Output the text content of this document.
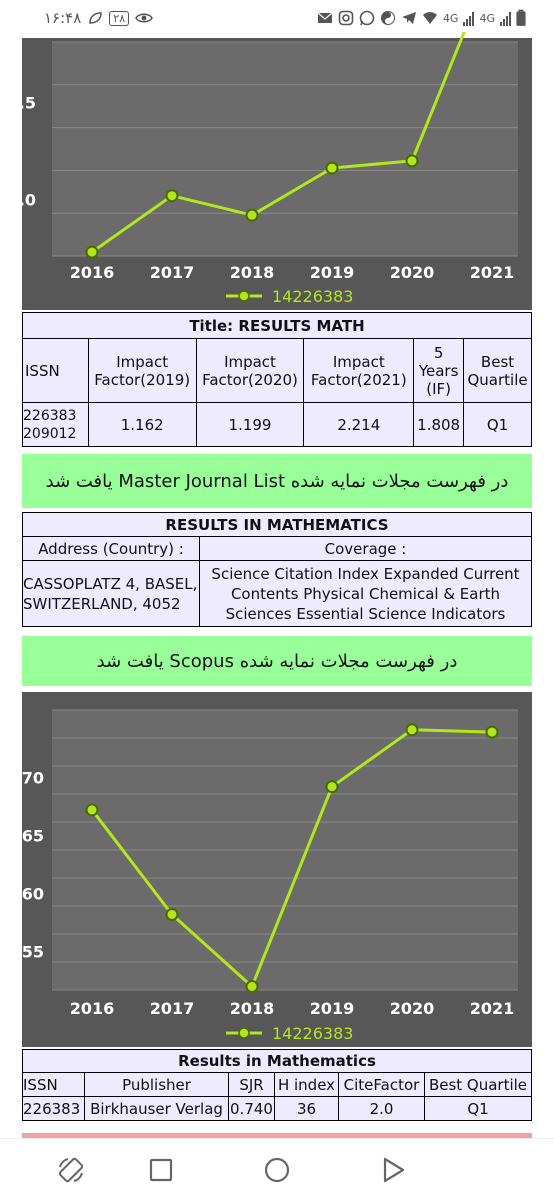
۱۶:۴۸	۲۸	4G 4G
.5
.0
2016 2017 2018 2019 2020 2021
14226383
Title: RESULTS MATH					
ISSN	Impact Factor(2019)	Impact Factor(2020)	Impact Factor(2021)	5 Years (IF)	Best Quartile
226383 209012	1.162	1.199	2.214	1.808	Q1
در فهرست مجلات نمایه شده Master Journal List یافت شد
RESULTS IN MATHEMATICS	
Address (Country) :	Coverage :
CASSOPLATZ 4, BASEL, SWITZERLAND, 4052	Science Citation Index Expanded Current Contents Physical Chemical & Earth Sciences Essential Science Indicators
در فهرست مجلات نمایه شده Scopus یافت شد
70
65
60
55
2016 2017 2018 2019 2020 2021
14226383
Results in Mathematics					
ISSN	Publisher	SJR	H index	CiteFactor	Best Quartile
226383	Birkhauser Verlag	0.740	36	2.0	Q1
